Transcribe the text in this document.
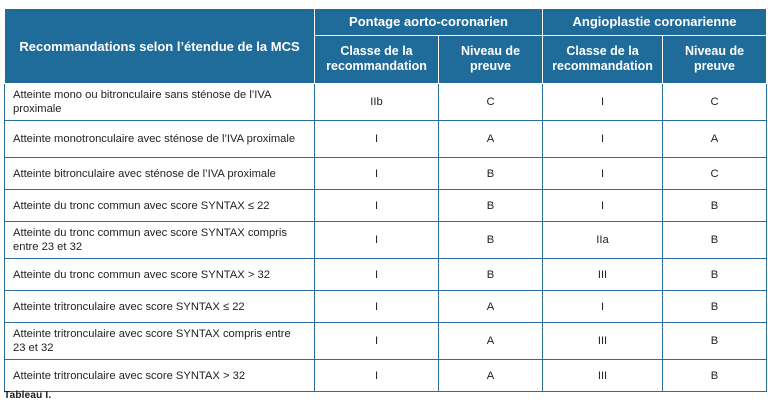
Recommandations selon l’étendue de la MCS	Pontage aorto-coronarien		Angioplastie coronarienne	
	Classe de la recommandation	Niveau de preuve	Classe de la recommandation	Niveau de preuve
Atteinte mono ou bitronculaire sans sténose de l’IVA proximale	IIb	C	I	C
Atteinte monotronculaire avec sténose de l’IVA proximale	I	A	I	A
Atteinte bitronculaire avec sténose de l’IVA proximale	I	B	I	C
Atteinte du tronc commun avec score SYNTAX ≤ 22	I	B	I	B
Atteinte du tronc commun avec score SYNTAX compris entre 23 et 32	I	B	IIa	B
Atteinte du tronc commun avec score SYNTAX > 32	I	B	III	B
Atteinte tritronculaire avec score SYNTAX ≤ 22	I	A	I	B
Atteinte tritronculaire avec score SYNTAX compris entre 23 et 32	I	A	III	B
Atteinte tritronculaire avec score SYNTAX > 32	I	A	III	B
Tableau I.
